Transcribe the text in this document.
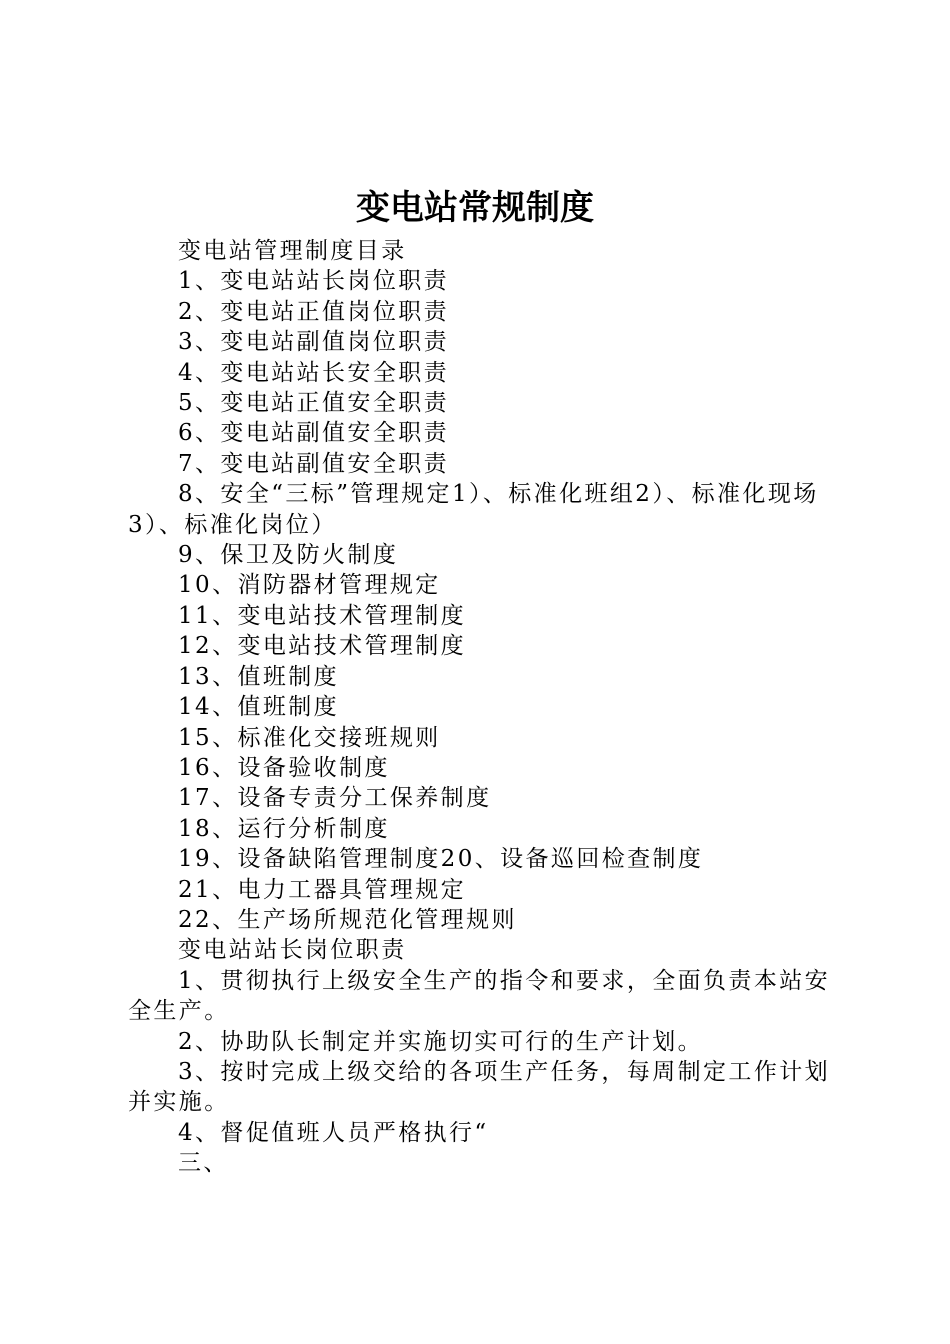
变电站常规制度

变电站管理制度目录

1、变电站站长岗位职责

2、变电站正值岗位职责

3、变电站副值岗位职责

4、变电站站长安全职责

5、变电站正值安全职责

6、变电站副值安全职责

7、变电站副值安全职责

8、安全“三标”管理规定1）、标准化班组2）、标准化现场3）、标准化岗位）

9、保卫及防火制度

10、消防器材管理规定

11、变电站技术管理制度

12、变电站技术管理制度

13、值班制度

14、值班制度

15、标准化交接班规则

16、设备验收制度

17、设备专责分工保养制度

18、运行分析制度

19、设备缺陷管理制度20、设备巡回检查制度

21、电力工器具管理规定

22、生产场所规范化管理规则

变电站站长岗位职责

1、贯彻执行上级安全生产的指令和要求，全面负责本站安全生产。

2、协助队长制定并实施切实可行的生产计划。

3、按时完成上级交给的各项生产任务，每周制定工作计划并实施。

4、督促值班人员严格执行“

三、
